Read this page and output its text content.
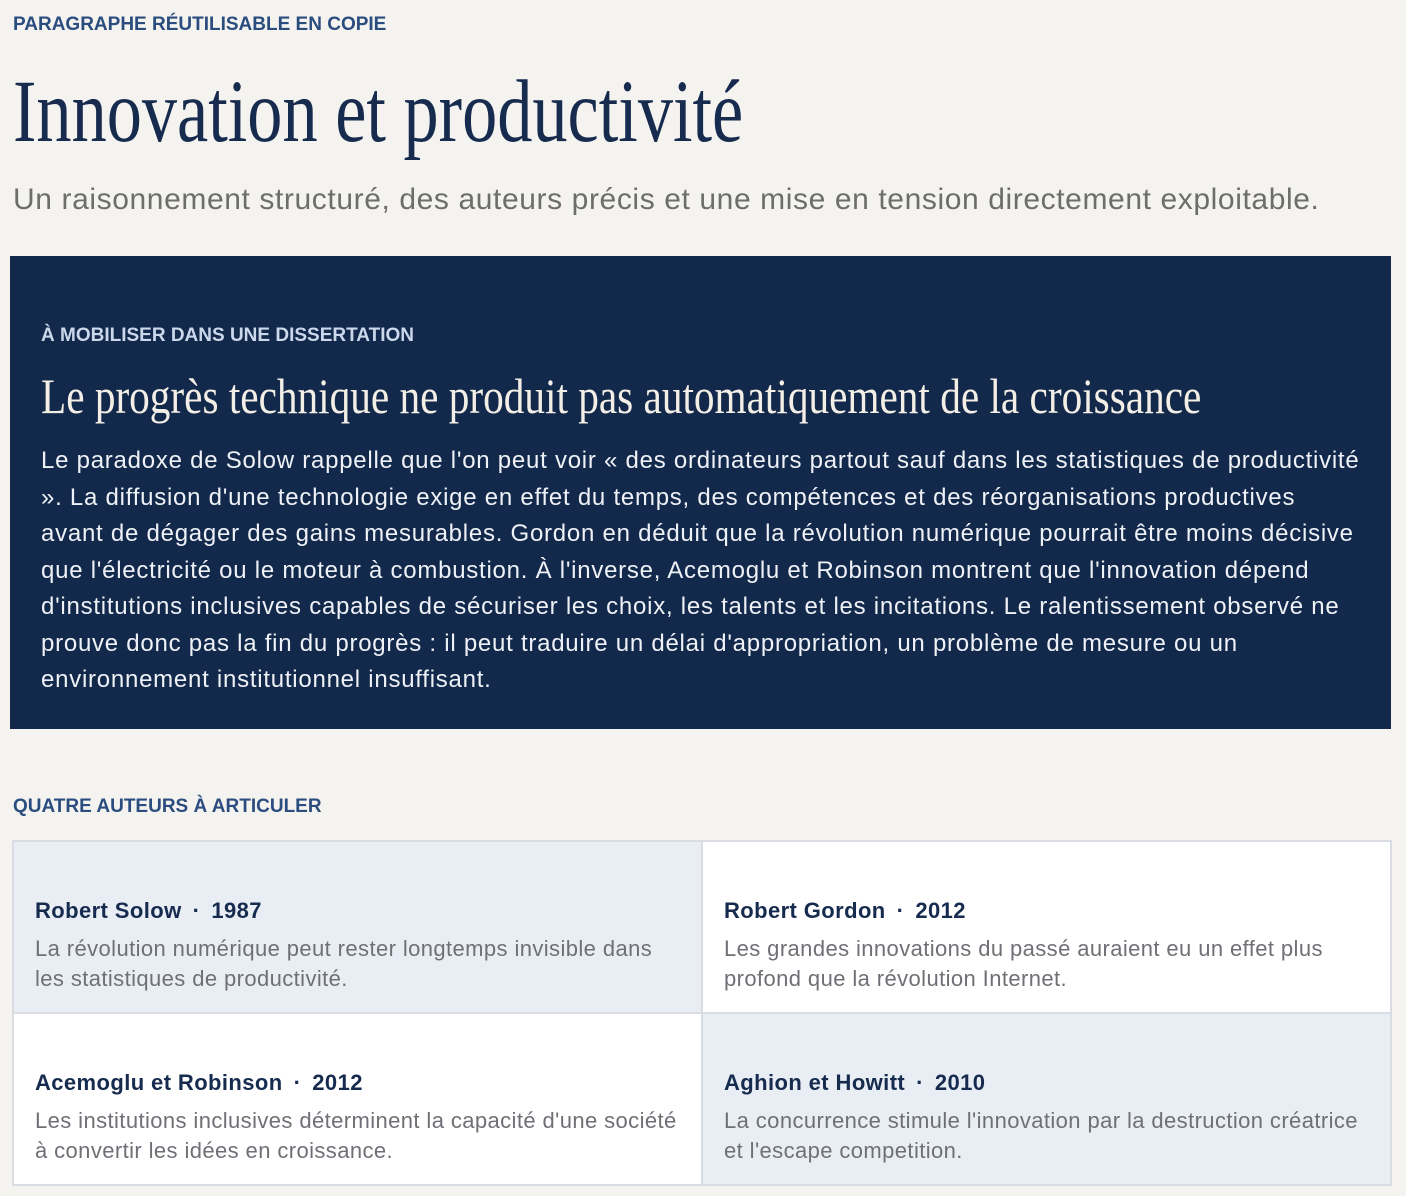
PARAGRAPHE RÉUTILISABLE EN COPIE
Innovation et productivité
Un raisonnement structuré, des auteurs précis et une mise en tension directement exploitable.
À MOBILISER DANS UNE DISSERTATION
Le progrès technique ne produit pas automatiquement de la croissance

Le paradoxe de Solow rappelle que l'on peut voir « des ordinateurs partout sauf dans les statistiques de productivité ». La diffusion d'une technologie exige en effet du temps, des compétences et des réorganisations productives avant de dégager des gains mesurables. Gordon en déduit que la révolution numérique pourrait être moins décisive que l'électricité ou le moteur à combustion. À l'inverse, Acemoglu et Robinson montrent que l'innovation dépend d'institutions inclusives capables de sécuriser les choix, les talents et les incitations. Le ralentissement observé ne prouve donc pas la fin du progrès : il peut traduire un délai d'appropriation, un problème de mesure ou un environnement institutionnel insuffisant.

QUATRE AUTEURS À ARTICULER
Robert Solow · 1987
La révolution numérique peut rester longtemps invisible dans les statistiques de productivité.
Robert Gordon · 2012
Les grandes innovations du passé auraient eu un effet plus profond que la révolution Internet.
Acemoglu et Robinson · 2012
Les institutions inclusives déterminent la capacité d'une société à convertir les idées en croissance.
Aghion et Howitt · 2010
La concurrence stimule l'innovation par la destruction créatrice et l'escape competition.
